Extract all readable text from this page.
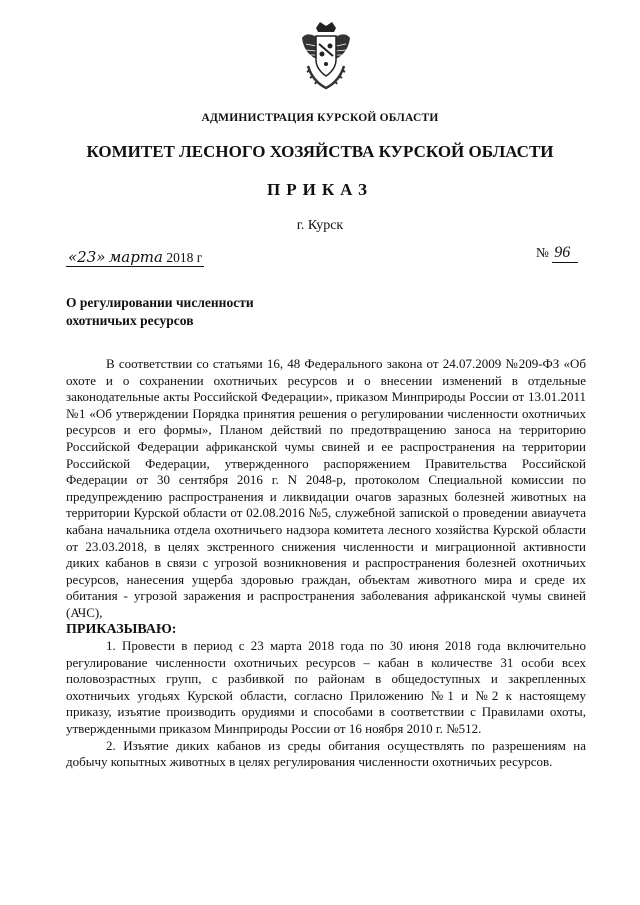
АДМИНИСТРАЦИЯ КУРСКОЙ ОБЛАСТИ
КОМИТЕТ ЛЕСНОГО ХОЗЯЙСТВА КУРСКОЙ ОБЛАСТИ
ПРИКАЗ
г. Курск
«23» марта 2018 г	№ 96
О регулировании численности
охотничьих ресурсов

В соответствии со статьями 16, 48 Федерального закона от 24.07.2009 №209-ФЗ «Об охоте и о сохранении охотничьих ресурсов и о внесении изменений в отдельные законодательные акты Российской Федерации», приказом Минприроды России от 13.01.2011 №1 «Об утверждении Порядка принятия решения о регулировании численности охотничьих ресурсов и его формы», Планом действий по предотвращению заноса на территорию Российской Федерации африканской чумы свиней и ее распространения на территории Российской Федерации, утвержденного распоряжением Правительства Российской Федерации от 30 сентября 2016 г. N 2048-р, протоколом Специальной комиссии по предупреждению распространения и ликвидации очагов заразных болезней животных на территории Курской области от 02.08.2016 №5, служебной запиской о проведении авиаучета кабана начальника отдела охотничьего надзора комитета лесного хозяйства Курской области от 23.03.2018, в целях экстренного снижения численности и миграционной активности диких кабанов в связи с угрозой возникновения и распространения болезней охотничьих ресурсов, нанесения ущерба здоровью граждан, объектам животного мира и среде их обитания - угрозой заражения и распространения заболевания африканской чумы свиней (АЧС),

ПРИКАЗЫВАЮ:

1. Провести в период с 23 марта 2018 года по 30 июня 2018 года включительно регулирование численности охотничьих ресурсов – кабан в количестве 31 особи всех половозрастных групп, с разбивкой по районам в общедоступных и закрепленных охотничьих угодьях Курской области, согласно Приложению №1 и №2 к настоящему приказу, изъятие производить орудиями и способами в соответствии с Правилами охоты, утвержденными приказом Минприроды России от 16 ноября 2010 г. №512.

2. Изъятие диких кабанов из среды обитания осуществлять по разрешениям на добычу копытных животных в целях регулирования численности охотничьих ресурсов.
